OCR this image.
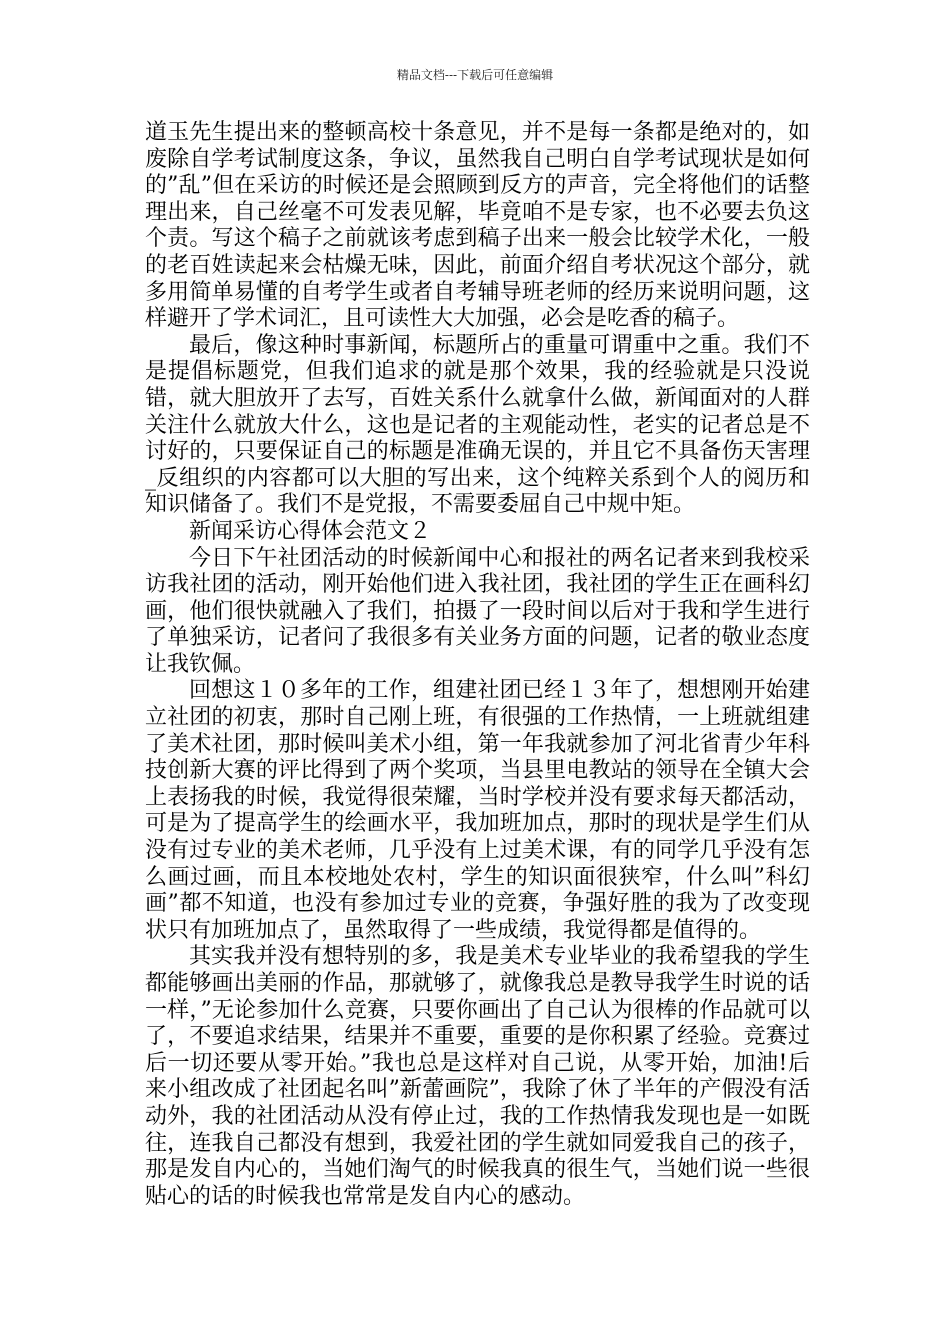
精品文档---下载后可任意编辑

道玉先生提出来的整顿高校十条意见，并不是每一条都是绝对的，如废除自学考试制度这条，争议，虽然我自己明白自学考试现状是如何的”乱”但在采访的时候还是会照顾到反方的声音，完全将他们的话整理出来，自己丝毫不可发表见解，毕竟咱不是专家，也不必要去负这个责。写这个稿子之前就该考虑到稿子出来一般会比较学术化，一般的老百姓读起来会枯燥无味，因此，前面介绍自考状况这个部分，就多用简单易懂的自考学生或者自考辅导班老师的经历来说明问题，这样避开了学术词汇，且可读性大大加强，必会是吃香的稿子。

最后，像这种时事新闻，标题所占的重量可谓重中之重。我们不是提倡标题党，但我们追求的就是那个效果，我的经验就是只没说错，就大胆放开了去写，百姓关系什么就拿什么做，新闻面对的人群关注什么就放大什么，这也是记者的主观能动性，老实的记者总是不讨好的，只要保证自己的标题是准确无误的，并且它不具备伤天害理_反组织的内容都可以大胆的写出来，这个纯粹关系到个人的阅历和知识储备了。我们不是党报，不需要委屈自己中规中矩。

新闻采访心得体会范文２

今日下午社团活动的时候新闻中心和报社的两名记者来到我校采访我社团的活动，刚开始他们进入我社团，我社团的学生正在画科幻画，他们很快就融入了我们，拍摄了一段时间以后对于我和学生进行了单独采访，记者问了我很多有关业务方面的问题，记者的敬业态度让我钦佩。

回想这１０多年的工作，组建社团已经１３年了，想想刚开始建立社团的初衷，那时自己刚上班，有很强的工作热情，一上班就组建了美术社团，那时候叫美术小组，第一年我就参加了河北省青少年科技创新大赛的评比得到了两个奖项，当县里电教站的领导在全镇大会上表扬我的时候，我觉得很荣耀，当时学校并没有要求每天都活动，可是为了提高学生的绘画水平，我加班加点，那时的现状是学生们从没有过专业的美术老师，几乎没有上过美术课，有的同学几乎没有怎么画过画，而且本校地处农村，学生的知识面很狭窄，什么叫”科幻画”都不知道，也没有参加过专业的竞赛，争强好胜的我为了改变现状只有加班加点了，虽然取得了一些成绩，我觉得都是值得的。

其实我并没有想特别的多，我是美术专业毕业的我希望我的学生都能够画出美丽的作品，那就够了，就像我总是教导我学生时说的话一样，”无论参加什么竞赛，只要你画出了自己认为很棒的作品就可以了，不要追求结果，结果并不重要，重要的是你积累了经验。竞赛过后一切还要从零开始。”我也总是这样对自己说，从零开始，加油!后来小组改成了社团起名叫”新蕾画院”，我除了休了半年的产假没有活动外，我的社团活动从没有停止过，我的工作热情我发现也是一如既往，连我自己都没有想到，我爱社团的学生就如同爱我自己的孩子，那是发自内心的，当她们淘气的时候我真的很生气，当她们说一些很贴心的话的时候我也常常是发自内心的感动。
